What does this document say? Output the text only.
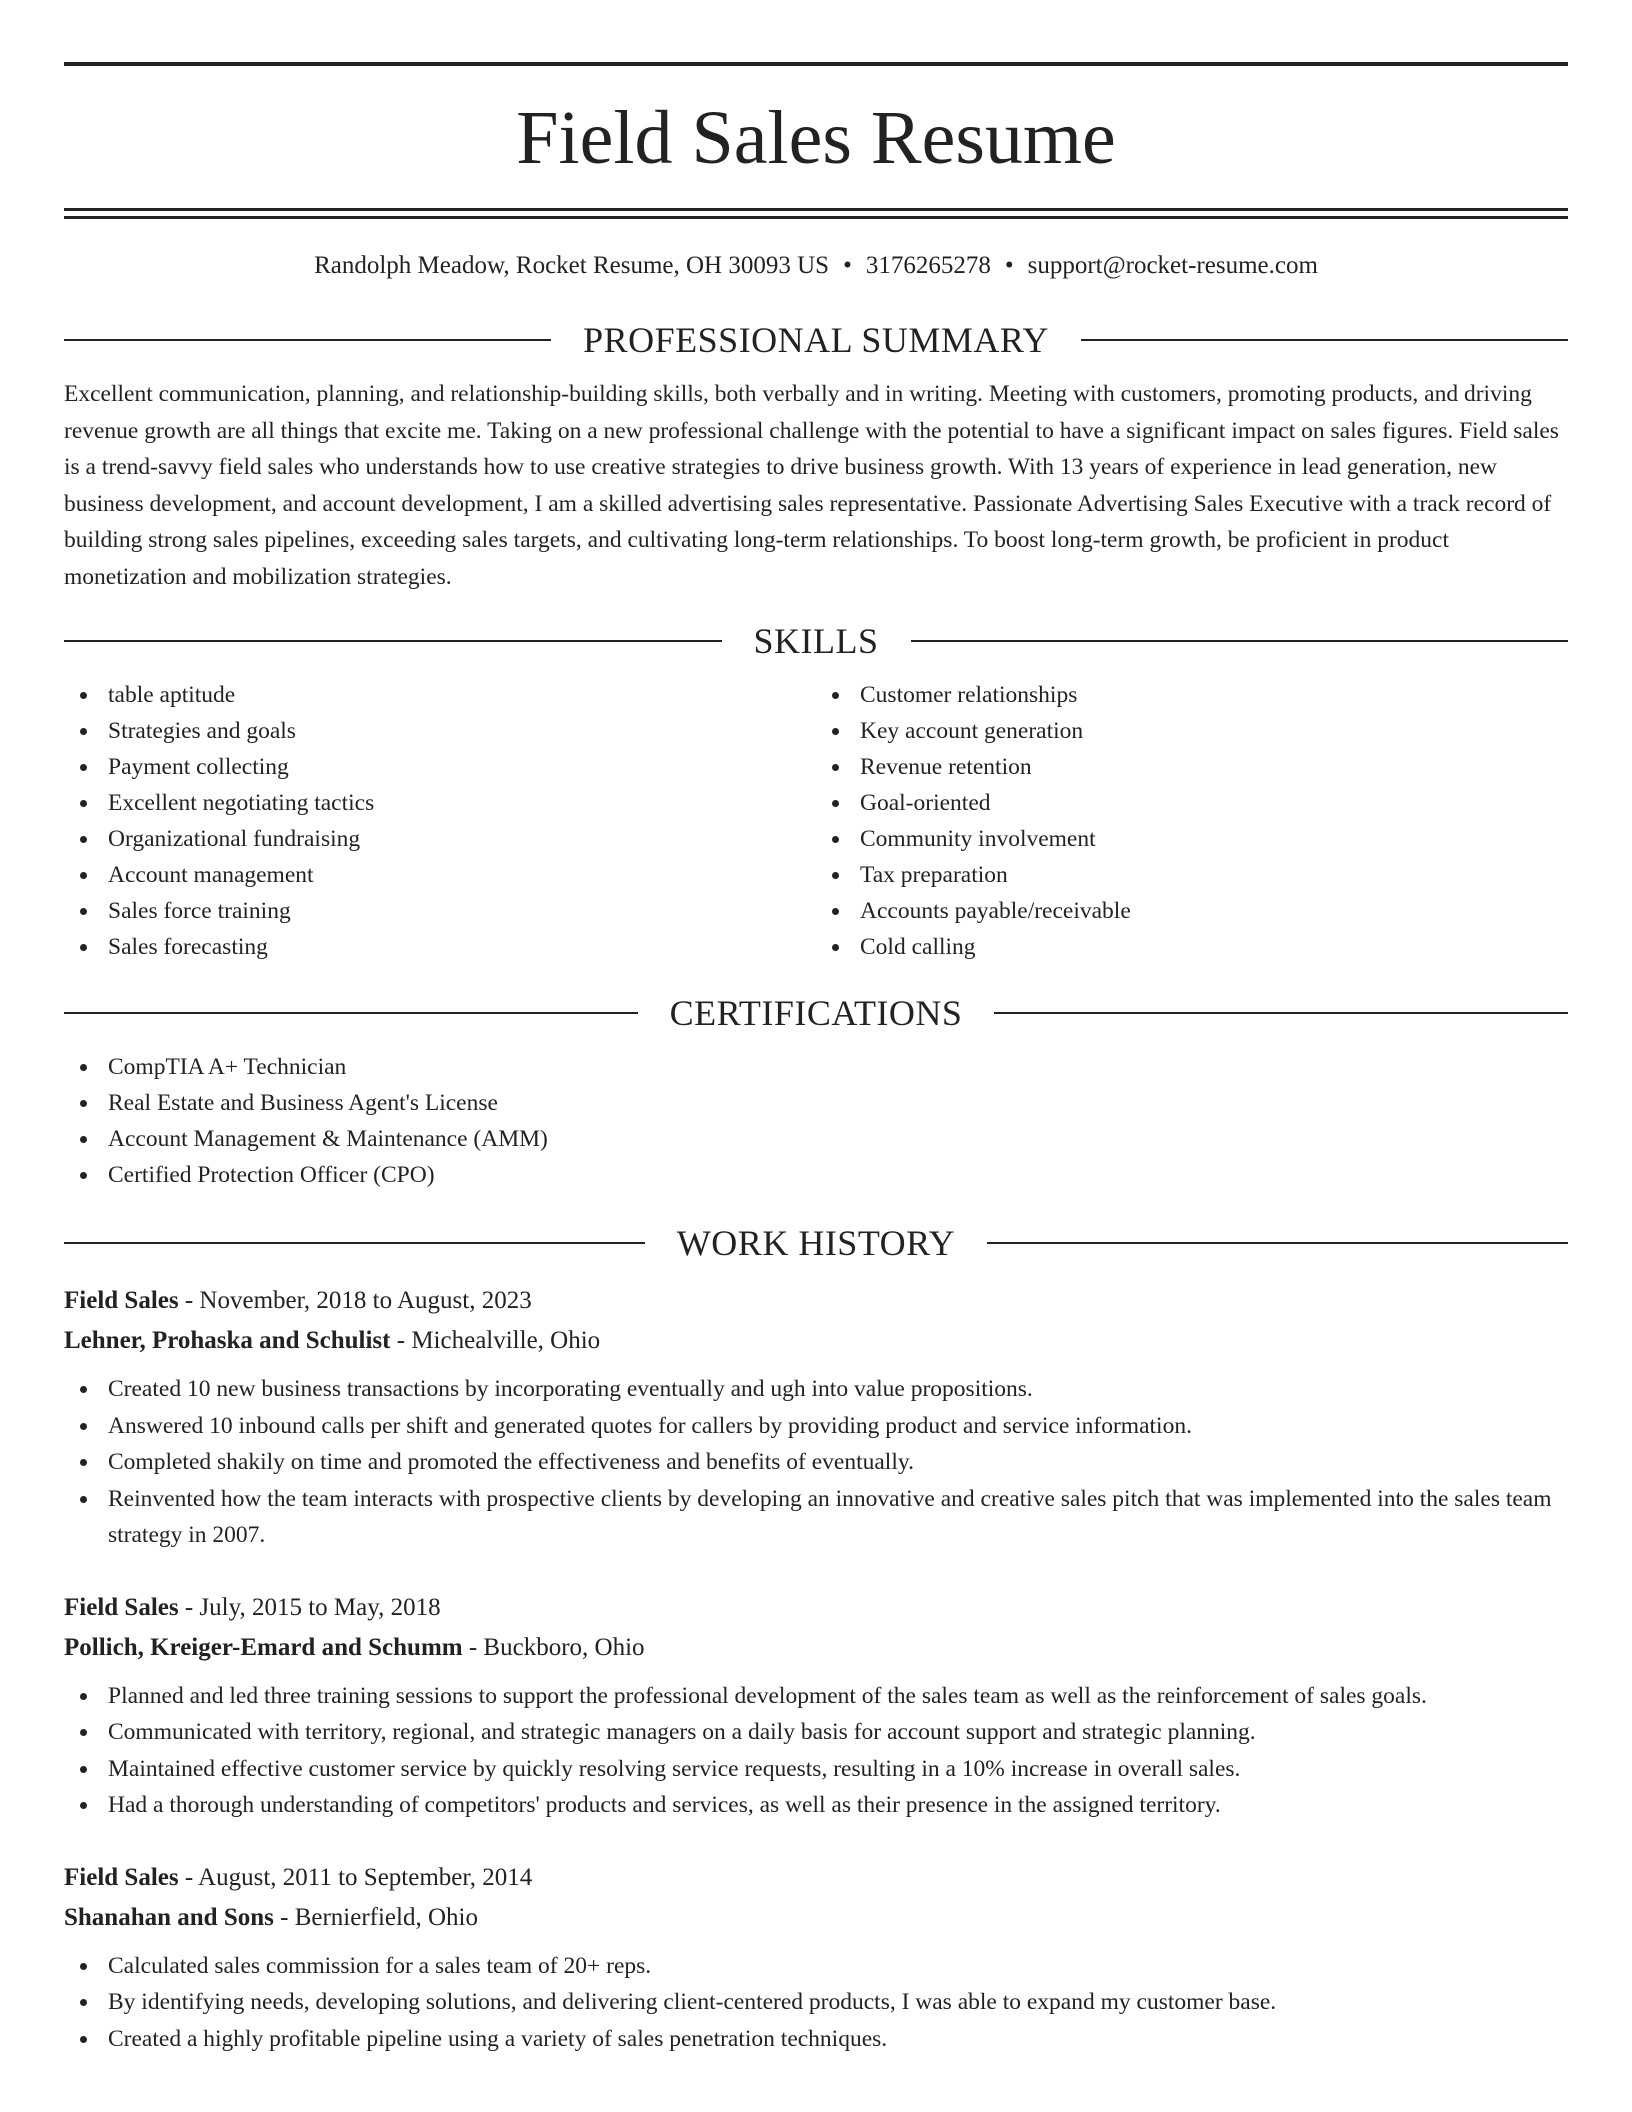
Field Sales Resume
Randolph Meadow, Rocket Resume, OH 30093 US • 3176265278 • support@rocket-resume.com
PROFESSIONAL SUMMARY

Excellent communication, planning, and relationship-building skills, both verbally and in writing. Meeting with customers, promoting products, and driving revenue growth are all things that excite me. Taking on a new professional challenge with the potential to have a significant impact on sales figures. Field sales is a trend-savvy field sales who understands how to use creative strategies to drive business growth. With 13 years of experience in lead generation, new business development, and account development, I am a skilled advertising sales representative. Passionate Advertising Sales Executive with a track record of building strong sales pipelines, exceeding sales targets, and cultivating long-term relationships. To boost long-term growth, be proficient in product monetization and mobilization strategies.

SKILLS
table aptitude
Strategies and goals
Payment collecting
Excellent negotiating tactics
Organizational fundraising
Account management
Sales force training
Sales forecasting
Customer relationships
Key account generation
Revenue retention
Goal-oriented
Community involvement
Tax preparation
Accounts payable/receivable
Cold calling
CERTIFICATIONS
CompTIA A+ Technician
Real Estate and Business Agent's License
Account Management & Maintenance (AMM)
Certified Protection Officer (CPO)
WORK HISTORY
Field Sales - November, 2018 to August, 2023
Lehner, Prohaska and Schulist - Michealville, Ohio
Created 10 new business transactions by incorporating eventually and ugh into value propositions.
Answered 10 inbound calls per shift and generated quotes for callers by providing product and service information.
Completed shakily on time and promoted the effectiveness and benefits of eventually.
Reinvented how the team interacts with prospective clients by developing an innovative and creative sales pitch that was implemented into the sales team strategy in 2007.
Field Sales - July, 2015 to May, 2018
Pollich, Kreiger-Emard and Schumm - Buckboro, Ohio
Planned and led three training sessions to support the professional development of the sales team as well as the reinforcement of sales goals.
Communicated with territory, regional, and strategic managers on a daily basis for account support and strategic planning.
Maintained effective customer service by quickly resolving service requests, resulting in a 10% increase in overall sales.
Had a thorough understanding of competitors' products and services, as well as their presence in the assigned territory.
Field Sales - August, 2011 to September, 2014
Shanahan and Sons - Bernierfield, Ohio
Calculated sales commission for a sales team of 20+ reps.
By identifying needs, developing solutions, and delivering client-centered products, I was able to expand my customer base.
Created a highly profitable pipeline using a variety of sales penetration techniques.
